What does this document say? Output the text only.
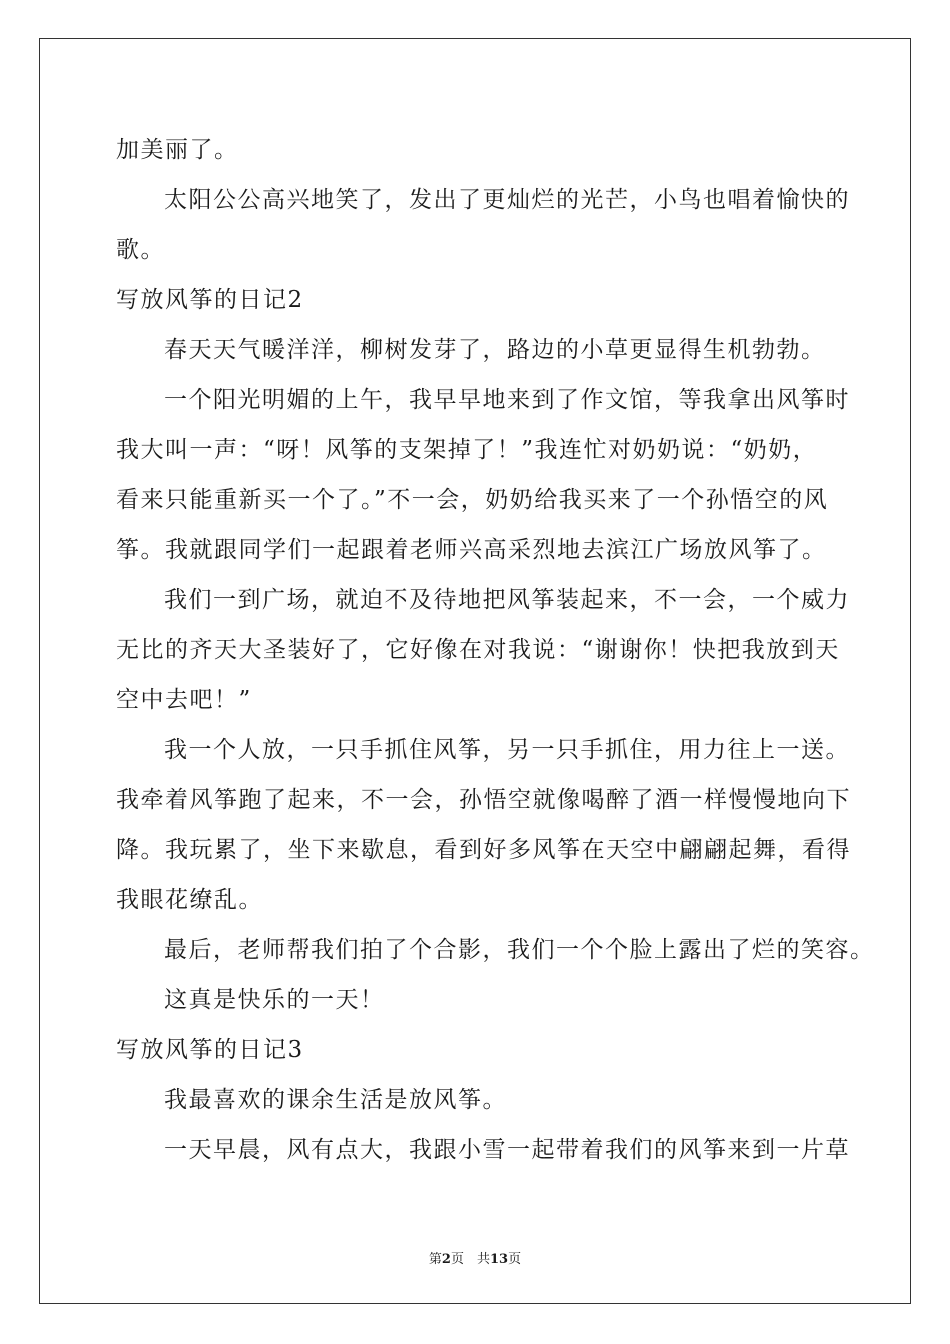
加美丽了。
太阳公公高兴地笑了，发出了更灿烂的光芒，小鸟也唱着愉快的
歌。
写放风筝的日记2
春天天气暖洋洋，柳树发芽了，路边的小草更显得生机勃勃。
一个阳光明媚的上午，我早早地来到了作文馆，等我拿出风筝时
我大叫一声：“呀！风筝的支架掉了！”我连忙对奶奶说：“奶奶，
看来只能重新买一个了。”不一会，奶奶给我买来了一个孙悟空的风
筝。我就跟同学们一起跟着老师兴高采烈地去滨江广场放风筝了。
我们一到广场，就迫不及待地把风筝装起来，不一会，一个威力
无比的齐天大圣装好了，它好像在对我说：“谢谢你！快把我放到天
空中去吧！”
我一个人放，一只手抓住风筝，另一只手抓住，用力往上一送。
我牵着风筝跑了起来，不一会，孙悟空就像喝醉了酒一样慢慢地向下
降。我玩累了，坐下来歇息，看到好多风筝在天空中翩翩起舞，看得
我眼花缭乱。
最后，老师帮我们拍了个合影，我们一个个脸上露出了烂的笑容。
这真是快乐的一天！
写放风筝的日记3
我最喜欢的课余生活是放风筝。
一天早晨，风有点大，我跟小雪一起带着我们的风筝来到一片草
第2页　共13页
